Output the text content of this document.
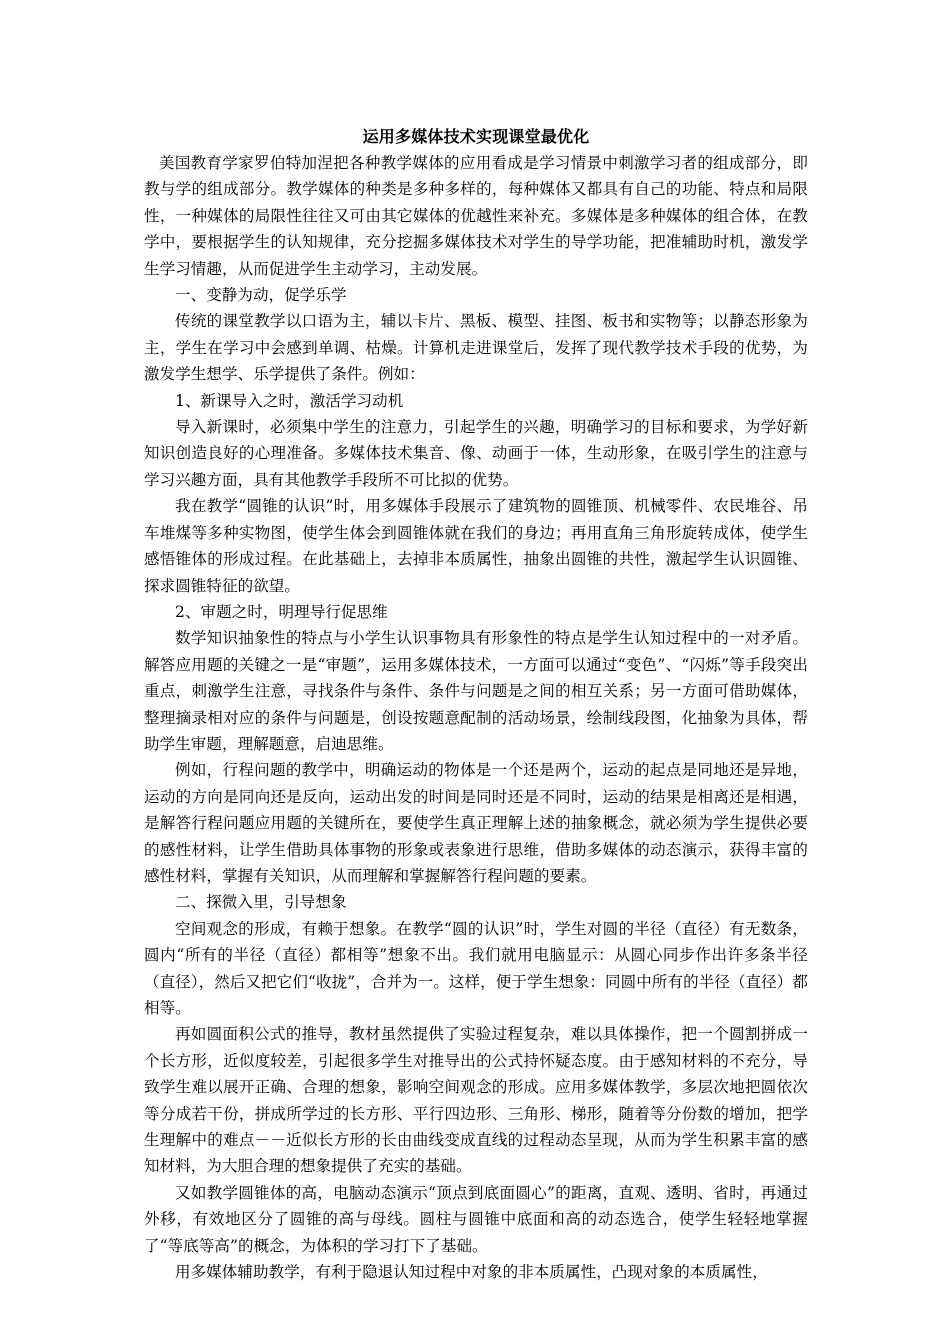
运用多媒体技术实现课堂最优化

美国教育学家罗伯特加涅把各种教学媒体的应用看成是学习情景中刺激学习者的组成部分，即教与学的组成部分。教学媒体的种类是多种多样的，每种媒体又都具有自己的功能、特点和局限性，一种媒体的局限性往往又可由其它媒体的优越性来补充。多媒体是多种媒体的组合体，在教学中，要根据学生的认知规律，充分挖掘多媒体技术对学生的导学功能，把准辅助时机，激发学生学习情趣，从而促进学生主动学习，主动发展。

一、变静为动，促学乐学

传统的课堂教学以口语为主，辅以卡片、黑板、模型、挂图、板书和实物等；以静态形象为主，学生在学习中会感到单调、枯燥。计算机走进课堂后，发挥了现代教学技术手段的优势，为激发学生想学、乐学提供了条件。例如：

1、新课导入之时，激活学习动机

导入新课时，必须集中学生的注意力，引起学生的兴趣，明确学习的目标和要求，为学好新知识创造良好的心理准备。多媒体技术集音、像、动画于一体，生动形象，在吸引学生的注意与学习兴趣方面，具有其他教学手段所不可比拟的优势。

我在教学“圆锥的认识”时，用多媒体手段展示了建筑物的圆锥顶、机械零件、农民堆谷、吊车堆煤等多种实物图，使学生体会到圆锥体就在我们的身边；再用直角三角形旋转成体，使学生感悟锥体的形成过程。在此基础上，去掉非本质属性，抽象出圆锥的共性，激起学生认识圆锥、探求圆锥特征的欲望。

2、审题之时，明理导行促思维

数学知识抽象性的特点与小学生认识事物具有形象性的特点是学生认知过程中的一对矛盾。解答应用题的关键之一是“审题”，运用多媒体技术，一方面可以通过“变色”、“闪烁”等手段突出重点，刺激学生注意，寻找条件与条件、条件与问题是之间的相互关系；另一方面可借助媒体，整理摘录相对应的条件与问题是，创设按题意配制的活动场景，绘制线段图，化抽象为具体，帮助学生审题，理解题意，启迪思维。

例如，行程问题的教学中，明确运动的物体是一个还是两个，运动的起点是同地还是异地，运动的方向是同向还是反向，运动出发的时间是同时还是不同时，运动的结果是相离还是相遇，是解答行程问题应用题的关键所在，要使学生真正理解上述的抽象概念，就必须为学生提供必要的感性材料，让学生借助具体事物的形象或表象进行思维，借助多媒体的动态演示，获得丰富的感性材料，掌握有关知识，从而理解和掌握解答行程问题的要素。

二、探微入里，引导想象

空间观念的形成，有赖于想象。在教学“圆的认识”时，学生对圆的半径（直径）有无数条，圆内“所有的半径（直径）都相等”想象不出。我们就用电脑显示：从圆心同步作出许多条半径（直径），然后又把它们“收拢”，合并为一。这样，便于学生想象：同圆中所有的半径（直径）都相等。

再如圆面积公式的推导，教材虽然提供了实验过程复杂，难以具体操作，把一个圆割拼成一个长方形，近似度较差，引起很多学生对推导出的公式持怀疑态度。由于感知材料的不充分，导致学生难以展开正确、合理的想象，影响空间观念的形成。应用多媒体教学，多层次地把圆依次等分成若干份，拼成所学过的长方形、平行四边形、三角形、梯形，随着等分份数的增加，把学生理解中的难点－－近似长方形的长由曲线变成直线的过程动态呈现，从而为学生积累丰富的感知材料，为大胆合理的想象提供了充实的基础。

又如教学圆锥体的高，电脑动态演示“顶点到底面圆心”的距离，直观、透明、省时，再通过外移，有效地区分了圆锥的高与母线。圆柱与圆锥中底面和高的动态选合，使学生轻轻地掌握了“等底等高”的概念，为体积的学习打下了基础。

用多媒体辅助教学，有利于隐退认知过程中对象的非本质属性，凸现对象的本质属性，
